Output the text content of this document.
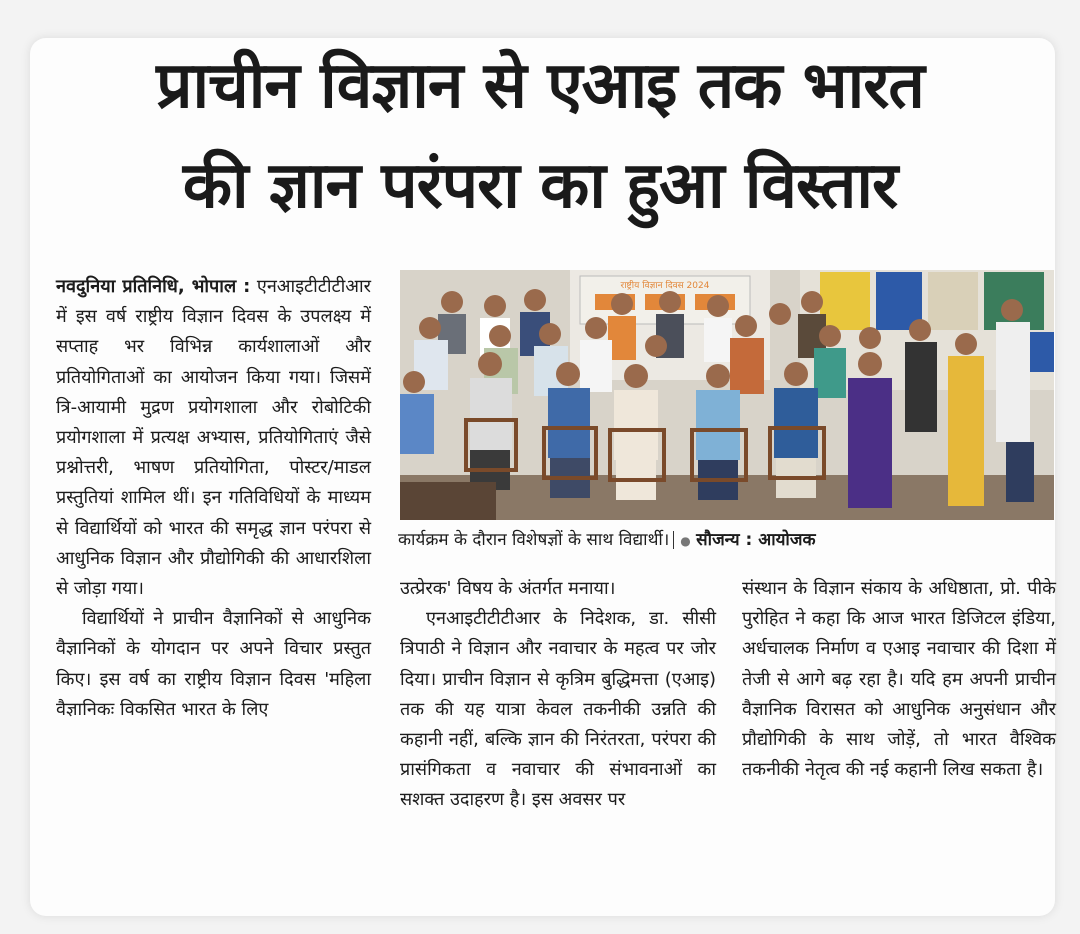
प्राचीन विज्ञान से एआइ तक भारत
की ज्ञान परंपरा का हुआ विस्तार

नवदुनिया प्रतिनिधि, भोपाल : एनआइटीटीटीआर में इस वर्ष राष्ट्रीय विज्ञान दिवस के उपलक्ष्य में सप्ताह भर विभिन्न कार्यशालाओं और प्रतियोगिताओं का आयोजन किया गया। जिसमें त्रि-आयामी मुद्रण प्रयोगशाला और रोबोटिकी प्रयोगशाला में प्रत्यक्ष अभ्यास, प्रतियोगिताएं जैसे प्रश्नोत्तरी, भाषण प्रतियोगिता, पोस्टर/माडल प्रस्तुतियां शामिल थीं। इन गतिविधियों के माध्यम से विद्यार्थियों को भारत की समृद्ध ज्ञान परंपरा से आधुनिक विज्ञान और प्रौद्योगिकी की आधारशिला से जोड़ा गया।

विद्यार्थियों ने प्राचीन वैज्ञानिकों से आधुनिक वैज्ञानिकों के योगदान पर अपने विचार प्रस्तुत किए। इस वर्ष का राष्ट्रीय विज्ञान दिवस 'महिला वैज्ञानिकः विकसित भारत के लिए

राष्ट्रीय विज्ञान दिवस 2024
कार्यक्रम के दौरान विशेषज्ञों के साथ विद्यार्थी। ● सौजन्य : आयोजक

उत्प्रेरक' विषय के अंतर्गत मनाया।

एनआइटीटीटीआर के निदेशक, डा. सीसी त्रिपाठी ने विज्ञान और नवाचार के महत्व पर जोर दिया। प्राचीन विज्ञान से कृत्रिम बुद्धिमत्ता (एआइ) तक की यह यात्रा केवल तकनीकी उन्नति की कहानी नहीं, बल्कि ज्ञान की निरंतरता, परंपरा की प्रासंगिकता व नवाचार की संभावनाओं का सशक्त उदाहरण है। इस अवसर पर

संस्थान के विज्ञान संकाय के अधिष्ठाता, प्रो. पीके पुरोहित ने कहा कि आज भारत डिजिटल इंडिया, अर्धचालक निर्माण व एआइ नवाचार की दिशा में तेजी से आगे बढ़ रहा है। यदि हम अपनी प्राचीन वैज्ञानिक विरासत को आधुनिक अनुसंधान और प्रौद्योगिकी के साथ जोड़ें, तो भारत वैश्विक तकनीकी नेतृत्व की नई कहानी लिख सकता है।
